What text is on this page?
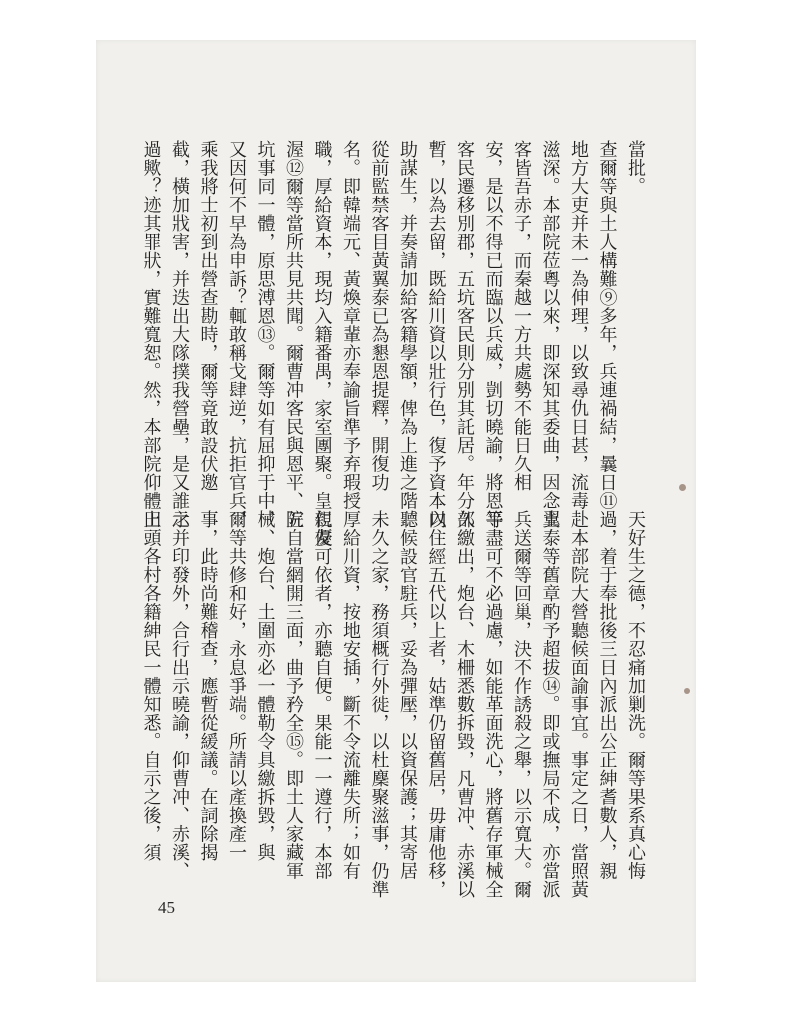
當批。
查爾等與土人構難⑨多年，兵連禍結，曩日⑪
地方大吏并未一為伸理，以致尋仇日甚，流毒
滋深。本部院莅粵以來，即深知其委曲，因念土
客皆吾赤子，而秦越一方共處勢不能日久相
安，是以不得已而臨以兵威，剴切曉諭，將恩平
客民遷移別郡，五坑客民則分別其託居。年分久
暫，以為去留，既給川資以壯行色，復予資本以
助謀生，并奏請加給客籍學額，俾為上進之階。
從前監禁客目黃翼泰已為懇恩提釋，開復功
名。即韓端元、黃煥章輩亦奉諭旨準予弃瑕授
職，厚給資本，現均入籍番禺，家室團聚。皇仁優
渥⑫爾等當所共見共聞。爾曹冲客民與恩平、五
坑事同一體，原思溥恩⑬。爾等如有屈抑于中，
又因何不早為申訴？輒敢稱戈肆逆，抗拒官兵，
乘我將士初到出營查勘時，爾等竟敢設伏邀
截，橫加戕害，并迭出大隊撲我營壘，是又誰之
過歟？迹其罪狀，實難寬恕。然，本部院仰體上
天好生之德，不忍痛加剿洗。爾等果系真心悔
過，着于奉批後三日內派出公正紳耆數人，親
赴本部院大營聽候面諭事宜。事定之日，當照黃
翼泰等舊章酌予超拔⑭。即或撫局不成，亦當派
兵送爾等回巢，決不作誘殺之舉，以示寬大。爾
等盡可不必過慮，如能革面洗心，將舊存軍械全
部繳出，炮台、木柵悉數拆毀，凡曹冲、赤溪以
內住經五代以上者，姑準仍留舊居，毋庸他移，
聽候設官駐兵，妥為彈壓，以資保護；其寄居
未久之家，務須概行外徙，以杜麇聚滋事，仍準
厚給川資，按地安插，斷不令流離失所；如有
親友可依者，亦聽自便。果能一一遵行，本部
院自當網開三面，曲予矜全⑮。即土人家藏軍
械、炮台、土圍亦必一體勒令具繳拆毀，與
爾等共修和好，永息爭端。所請以產換產一
事，此時尚難稽查，應暫從緩議。在詞除揭
示并印發外，合行出示曉諭，仰曹冲、赤溪、
田頭各村各籍紳民一體知悉。自示之後，須
45
